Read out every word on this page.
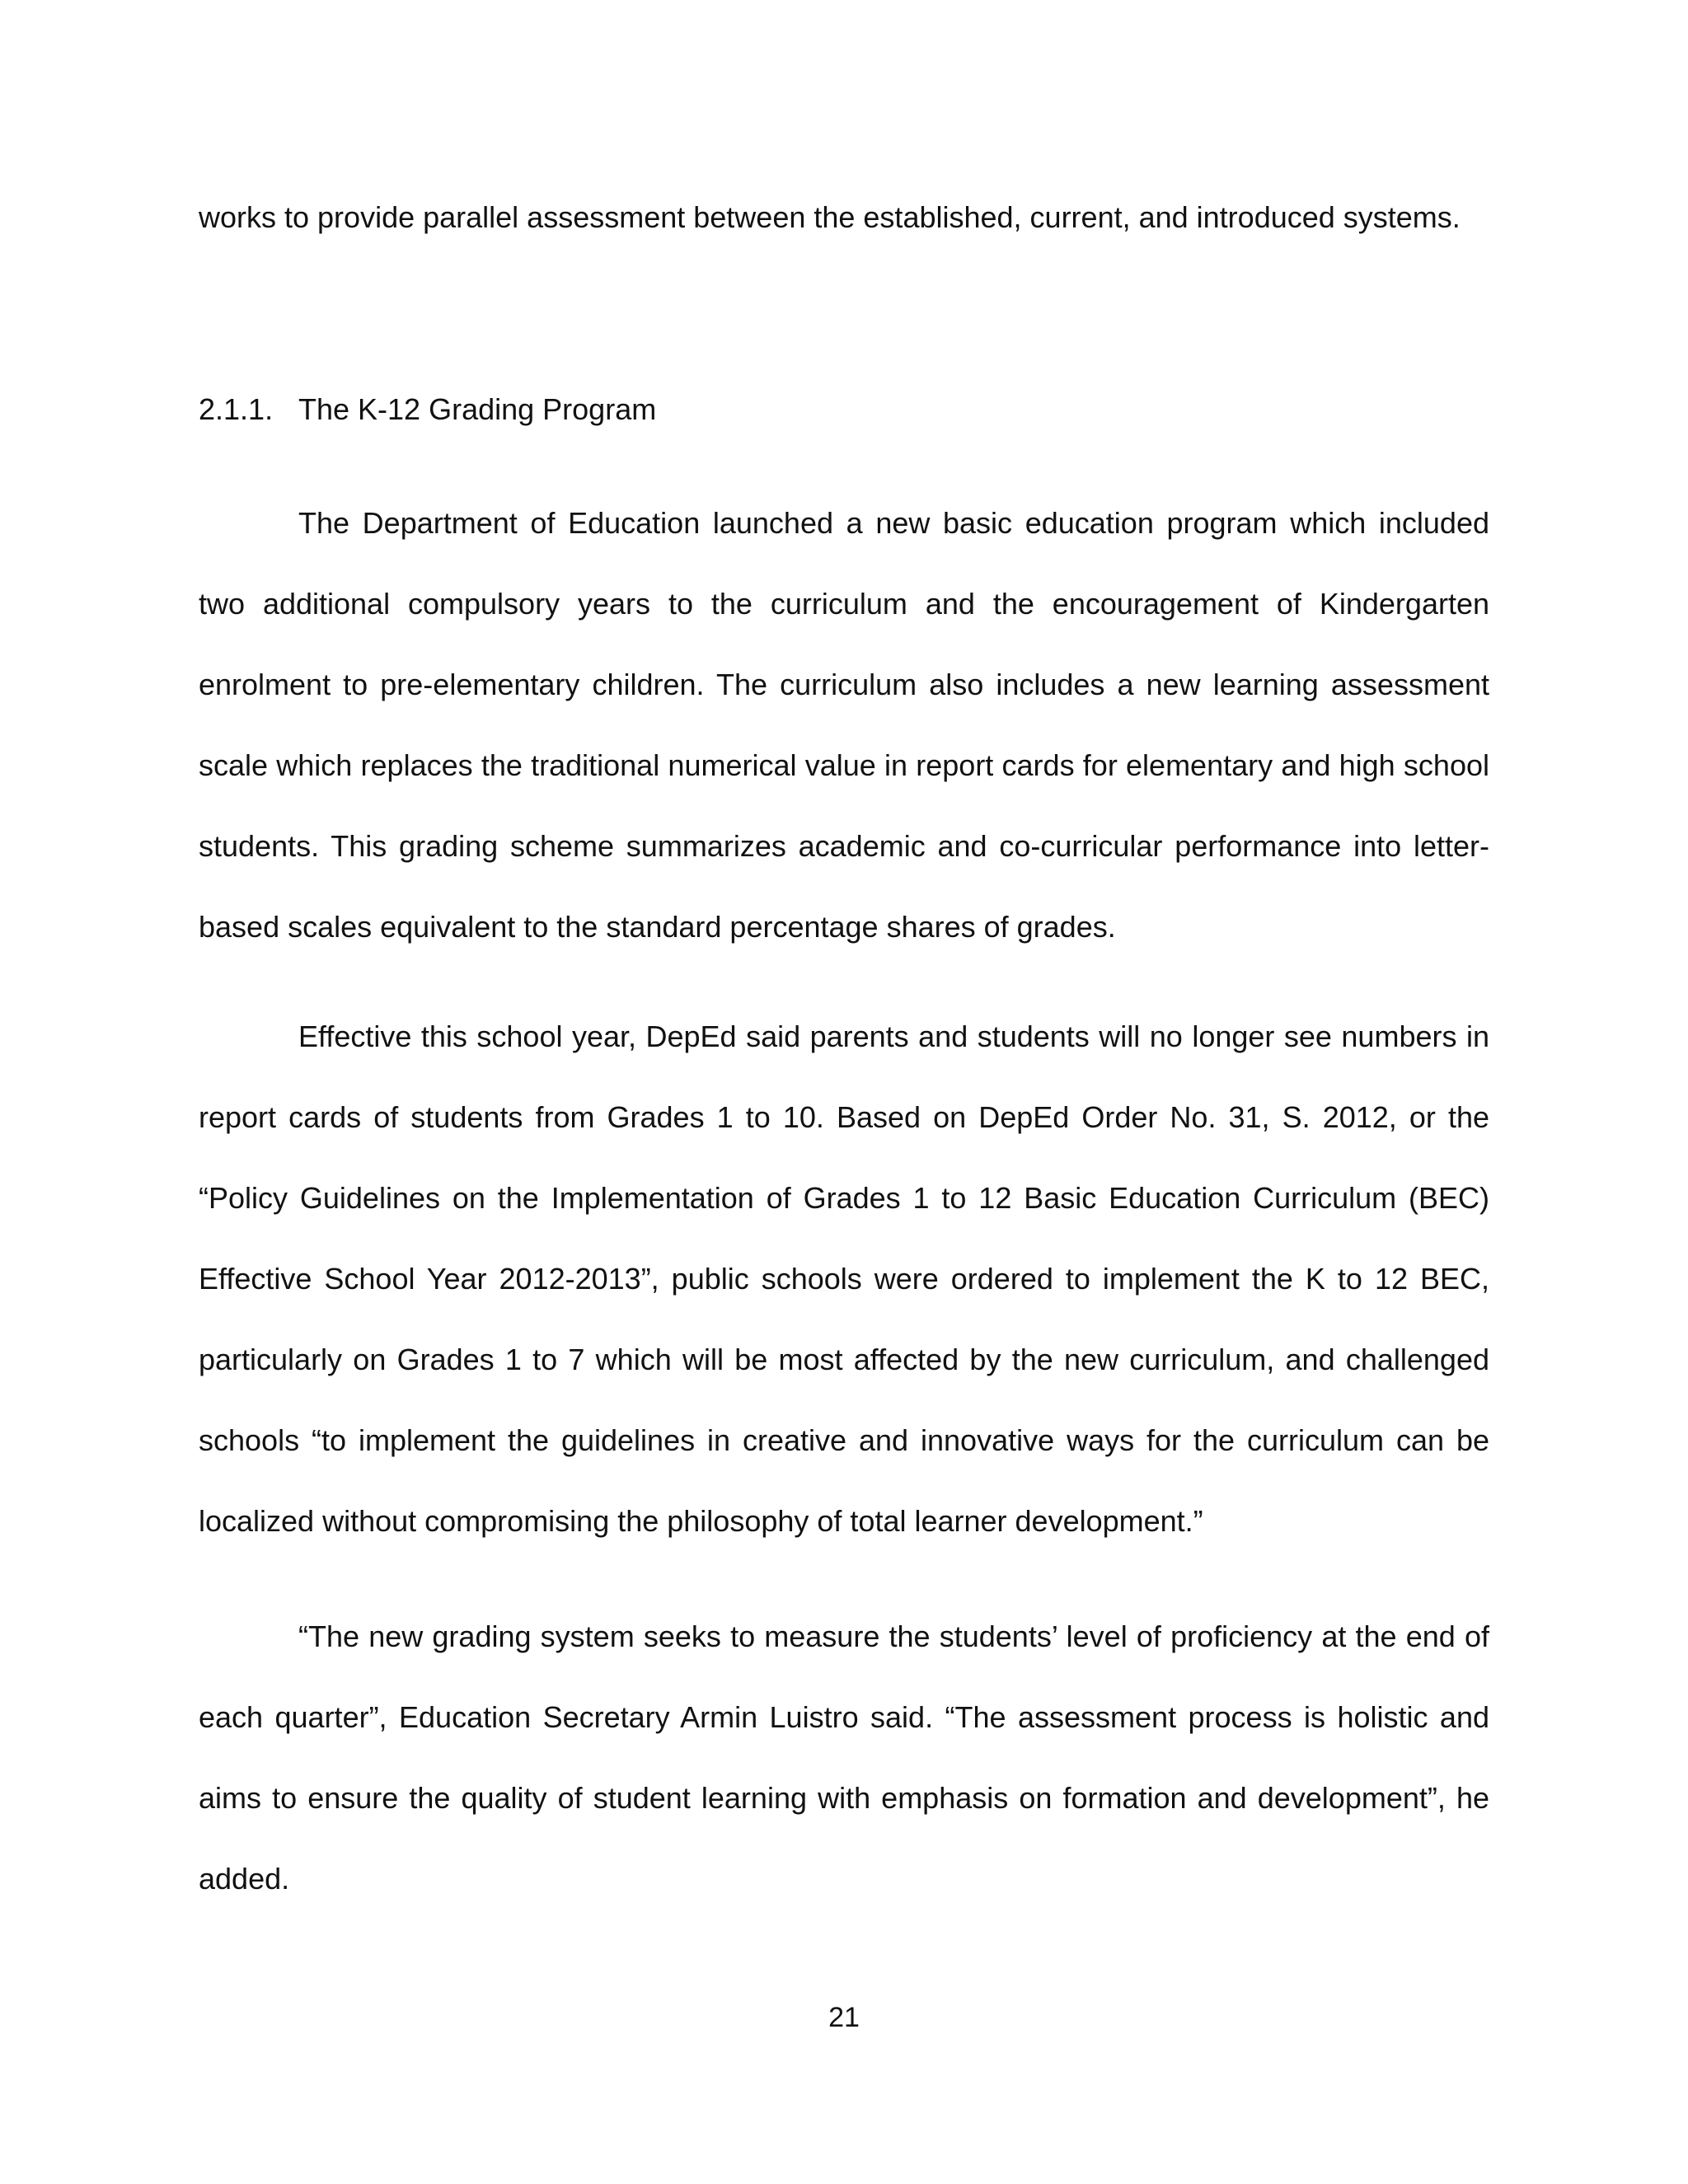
works to provide parallel assessment between the established, current, and introduced systems.

2.1.1. The K-12 Grading Program

The Department of Education launched a new basic education program which included two additional compulsory years to the curriculum and the encouragement of Kindergarten enrolment to pre-elementary children. The curriculum also includes a new learning assessment scale which replaces the traditional numerical value in report cards for elementary and high school students. This grading scheme summarizes academic and co-curricular performance into letter-based scales equivalent to the standard percentage shares of grades.

Effective this school year, DepEd said parents and students will no longer see numbers in report cards of students from Grades 1 to 10. Based on DepEd Order No. 31, S. 2012, or the “Policy Guidelines on the Implementation of Grades 1 to 12 Basic Education Curriculum (BEC) Effective School Year 2012-2013”, public schools were ordered to implement the K to 12 BEC, particularly on Grades 1 to 7 which will be most affected by the new curriculum, and challenged schools “to implement the guidelines in creative and innovative ways for the curriculum can be localized without compromising the philosophy of total learner development.”

“The new grading system seeks to measure the students’ level of proficiency at the end of each quarter”, Education Secretary Armin Luistro said. “The assessment process is holistic and aims to ensure the quality of student learning with emphasis on formation and development”, he added.

21
